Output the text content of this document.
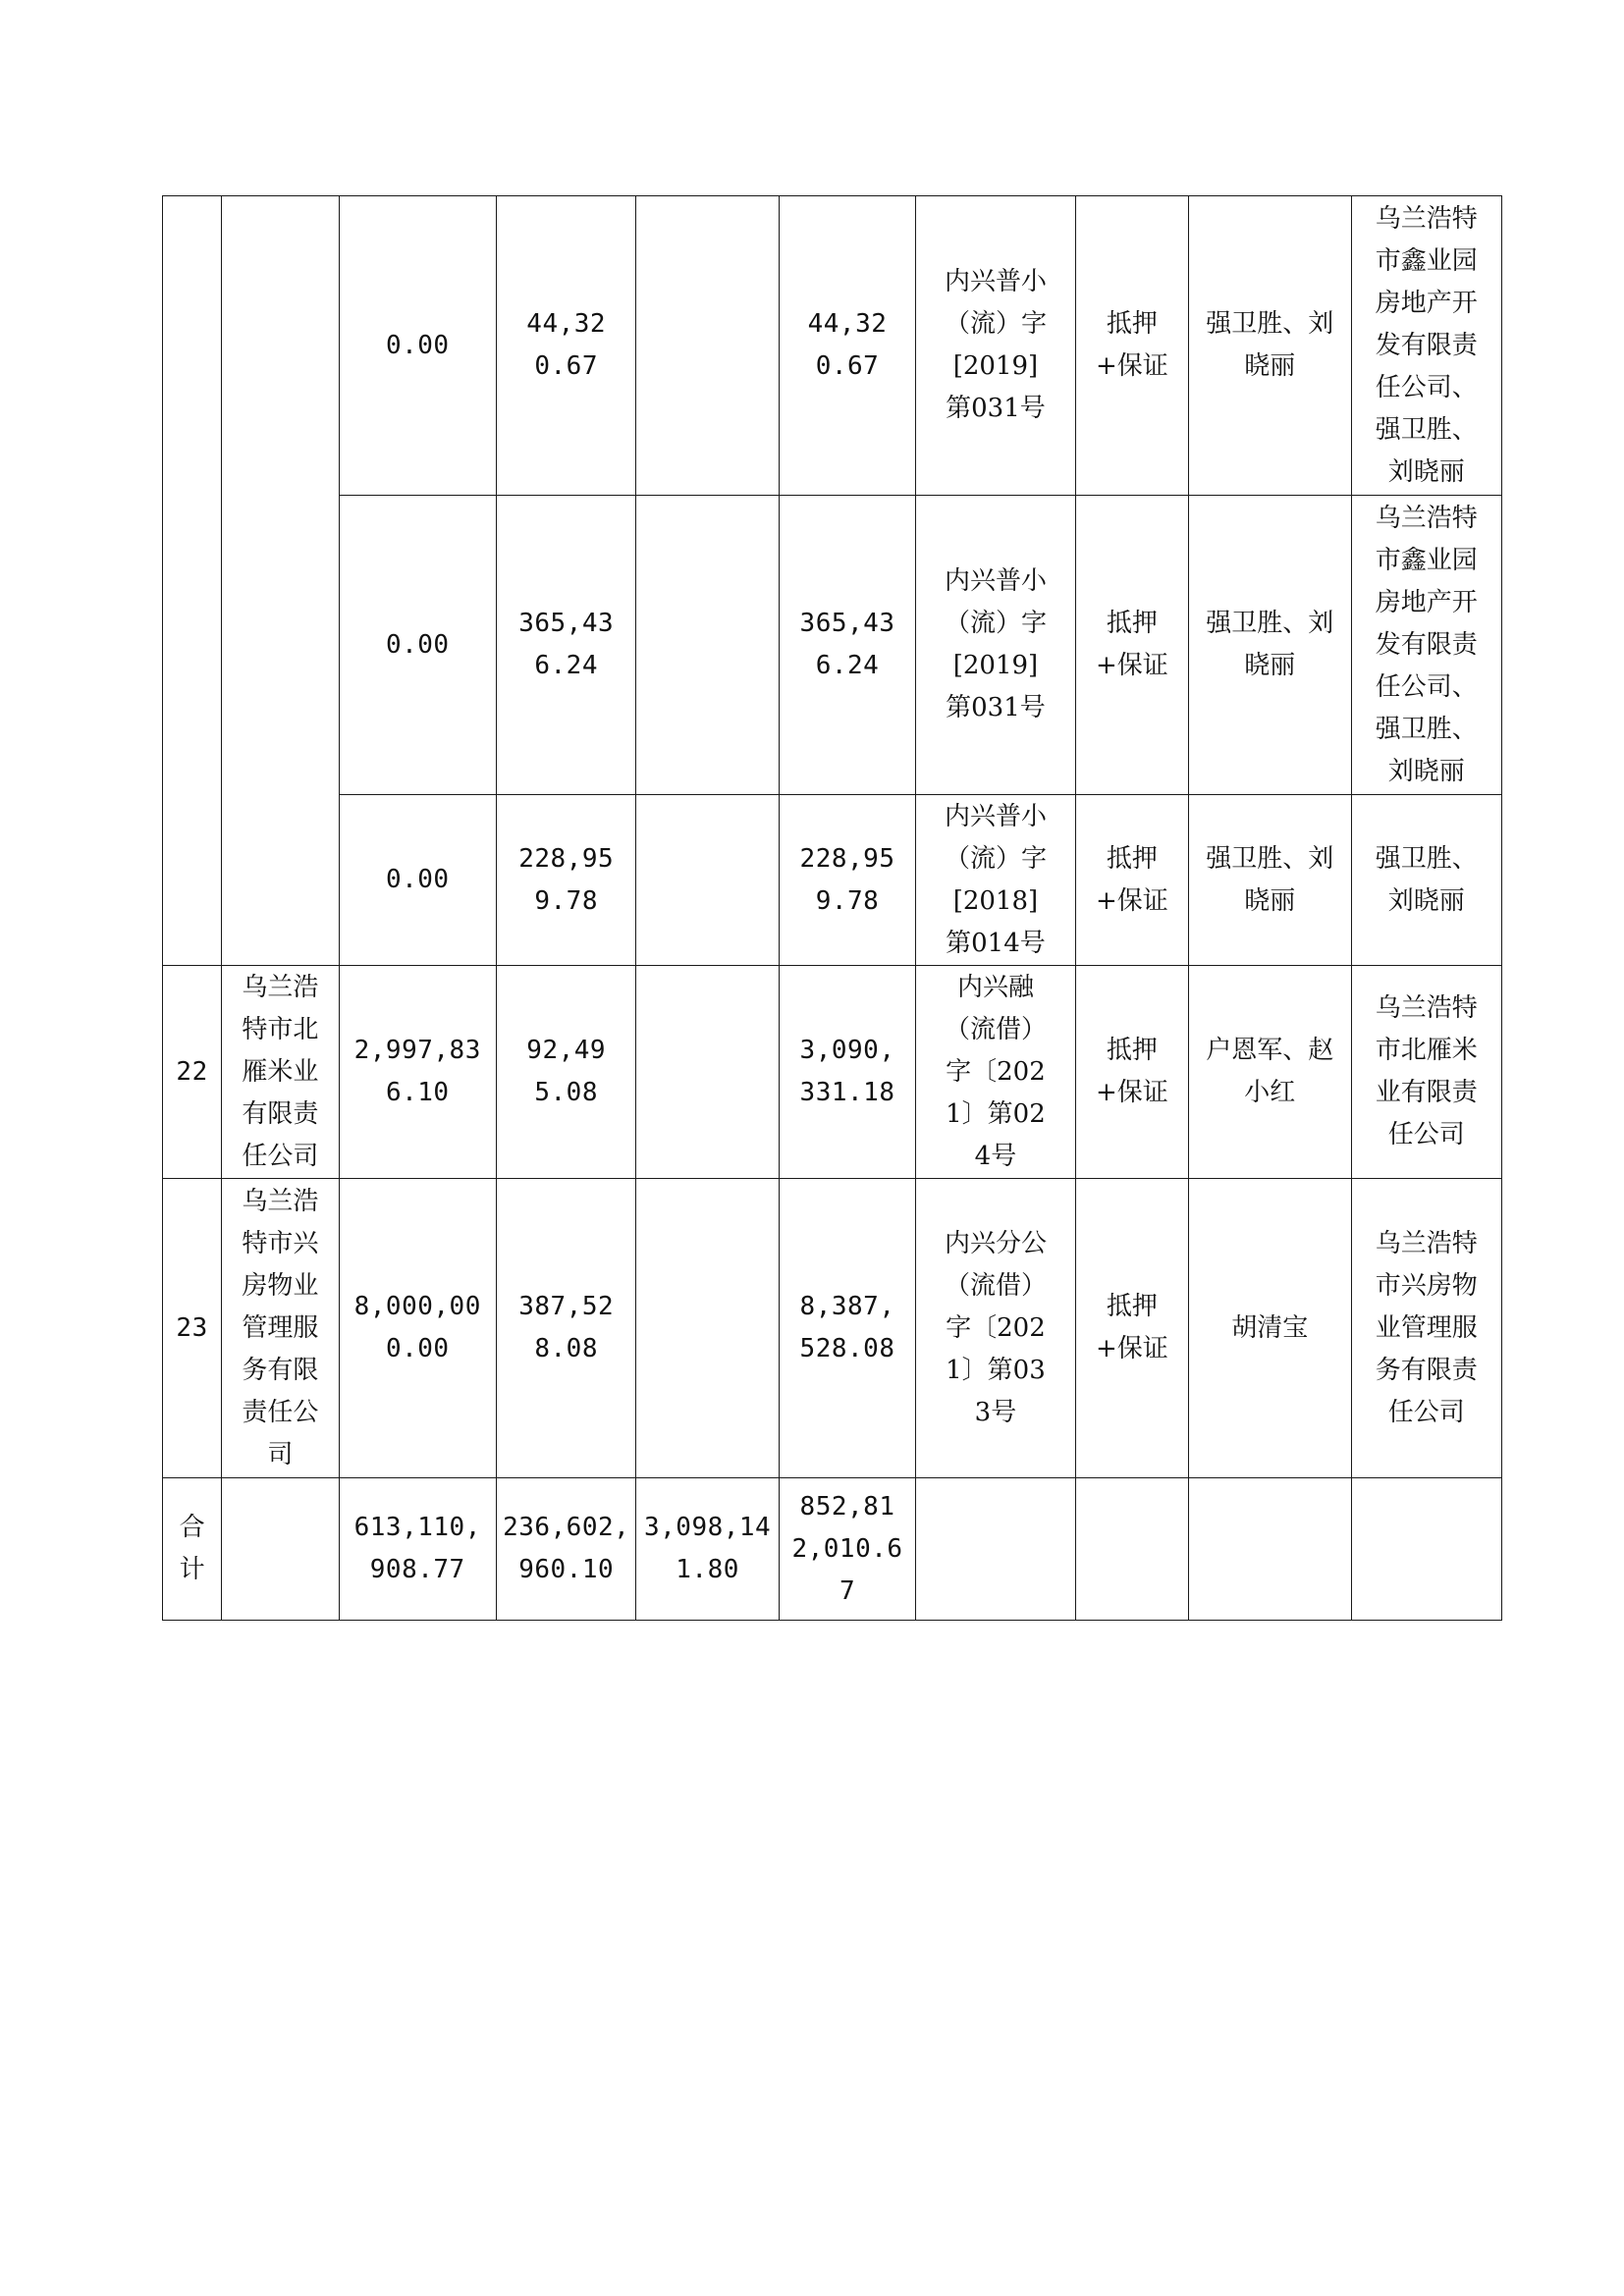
		0.00	44,320.67		44,320.67	内兴普小（流）字[2019]第031号	抵押+保证	强卫胜、刘晓丽	乌兰浩特市鑫业园房地产开发有限责任公司、强卫胜、刘晓丽

		0.00	365,436.24		365,436.24	内兴普小（流）字[2019]第031号	抵押+保证	强卫胜、刘晓丽	乌兰浩特市鑫业园房地产开发有限责任公司、强卫胜、刘晓丽

		0.00	228,959.78		228,959.78	内兴普小（流）字[2018]第014号	抵押+保证	强卫胜、刘晓丽	强卫胜、刘晓丽

22	乌兰浩特市北雁米业有限责任公司	2,997,836.10	92,495.08		3,090,331.18	内兴融（流借）字〔2021〕第024号	抵押+保证	户恩军、赵小红	乌兰浩特市北雁米业有限责任公司

23	乌兰浩特市兴房物业管理服务有限责任公司	8,000,000.00	387,528.08		8,387,528.08	内兴分公（流借）字〔2021〕第033号	抵押+保证	胡清宝	乌兰浩特市兴房物业管理服务有限责任公司

合计		613,110,908.77	236,602,960.10	3,098,141.80	852,812,010.67				
